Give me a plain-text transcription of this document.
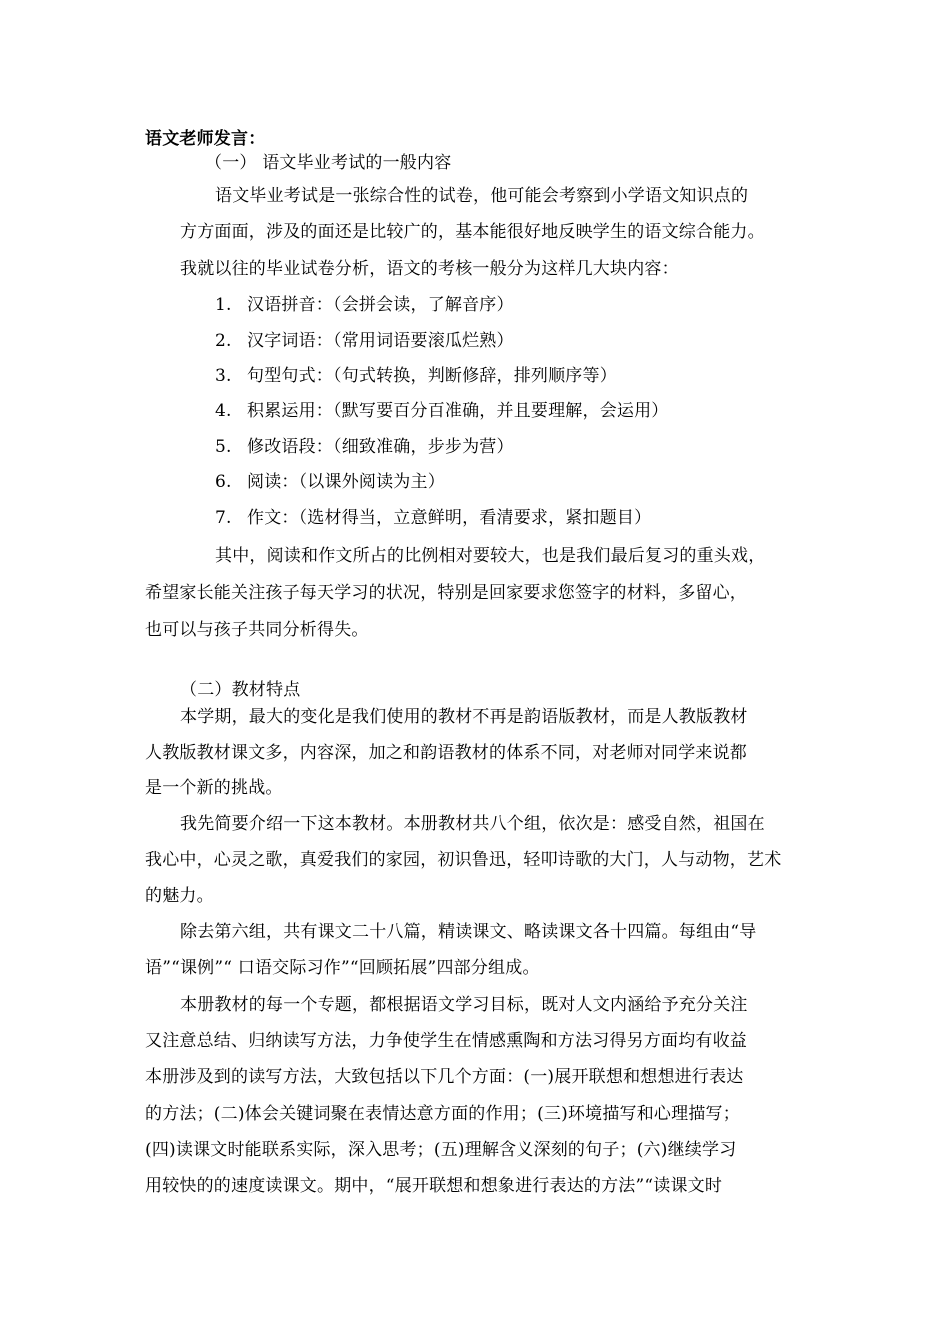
语文老师发言：
（一） 语文毕业考试的一般内容
语文毕业考试是一张综合性的试卷，他可能会考察到小学语文知识点的
方方面面，涉及的面还是比较广的，基本能很好地反映学生的语文综合能力。
我就以往的毕业试卷分析，语文的考核一般分为这样几大块内容：
1. 汉语拼音：（会拼会读，了解音序）
2. 汉字词语：（常用词语要滚瓜烂熟）
3. 句型句式：（句式转换，判断修辞，排列顺序等）
4. 积累运用：（默写要百分百准确，并且要理解，会运用）
5. 修改语段：（细致准确，步步为营）
6. 阅读：（以课外阅读为主）
7. 作文：（选材得当，立意鲜明，看清要求，紧扣题目）
其中，阅读和作文所占的比例相对要较大，也是我们最后复习的重头戏，
希望家长能关注孩子每天学习的状况，特别是回家要求您签字的材料，多留心，
也可以与孩子共同分析得失。
（二）教材特点
本学期，最大的变化是我们使用的教材不再是韵语版教材，而是人教版教材
人教版教材课文多，内容深，加之和韵语教材的体系不同，对老师对同学来说都
是一个新的挑战。
我先简要介绍一下这本教材。本册教材共八个组，依次是：感受自然，祖国在
我心中，心灵之歌，真爱我们的家园，初识鲁迅，轻叩诗歌的大门，人与动物，艺术
的魅力。
除去第六组，共有课文二十八篇，精读课文、略读课文各十四篇。每组由“导
语”“课例”“ 口语交际习作”“回顾拓展”四部分组成。
本册教材的每一个专题，都根据语文学习目标，既对人文内涵给予充分关注
又注意总结、归纳读写方法，力争使学生在情感熏陶和方法习得另方面均有收益
本册涉及到的读写方法，大致包括以下几个方面：(一)展开联想和想想进行表达
的方法；(二)体会关键词聚在表情达意方面的作用；(三)环境描写和心理描写；
(四)读课文时能联系实际，深入思考；(五)理解含义深刻的句子；(六)继续学习
用较快的的速度读课文。期中，“展开联想和想象进行表达的方法”“读课文时
